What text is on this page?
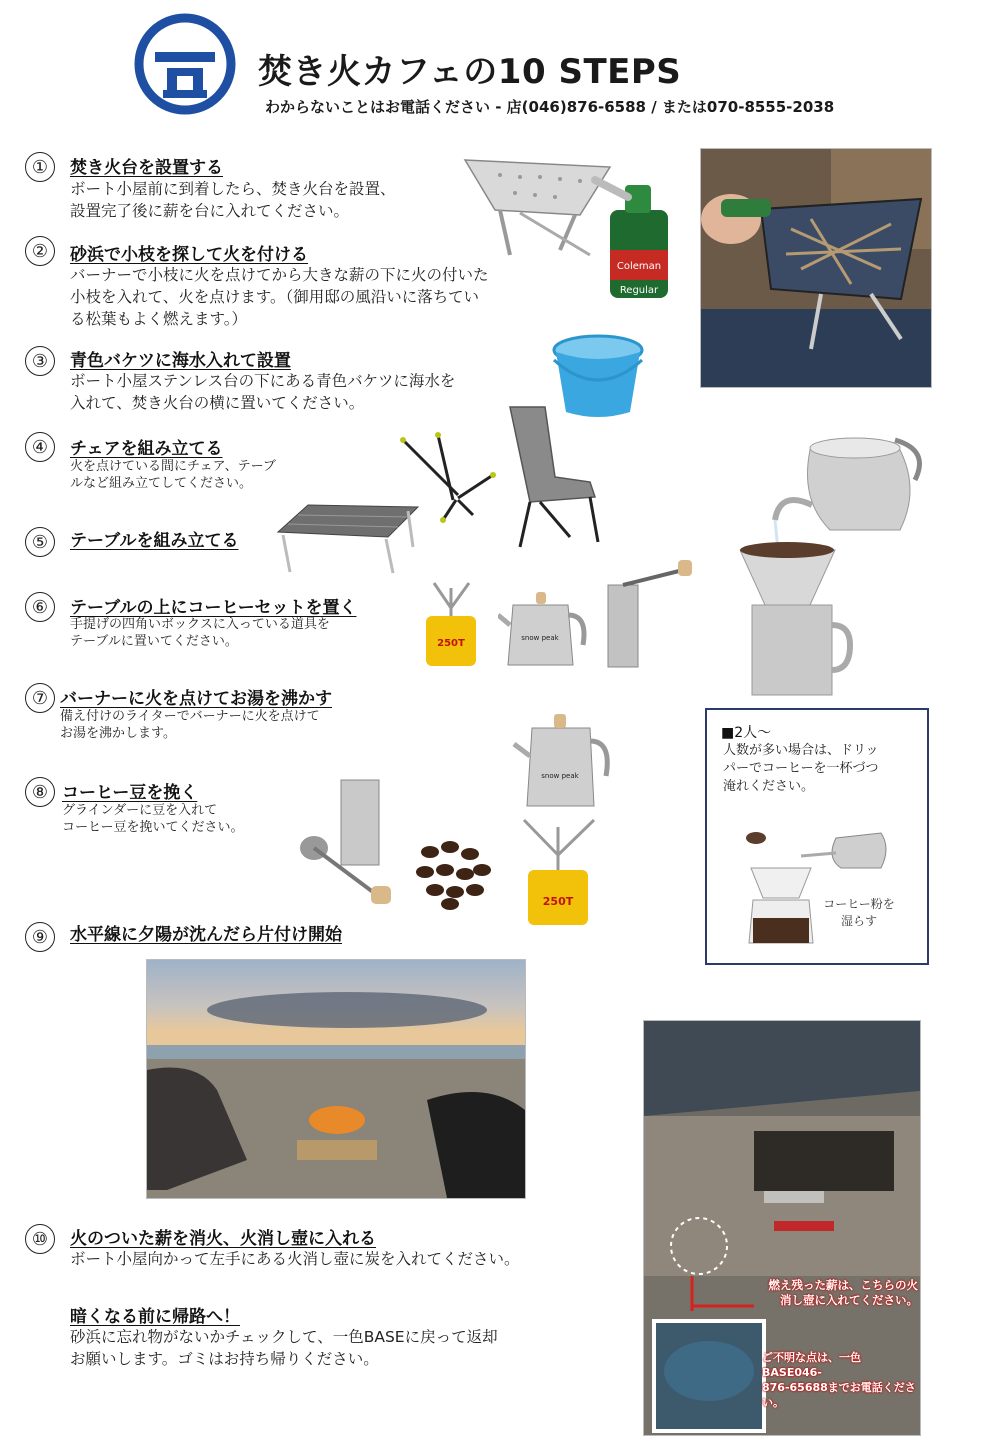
焚き火カフェの10 STEPS
わからないことはお電話ください - 店(046)876-6588 / または070-8555-2038
①	焚き火台を設置する
ボート小屋前に到着したら、焚き火台を設置、
設置完了後に薪を台に入れてください。
Coleman
Regular
②	砂浜で小枝を探して火を付ける
バーナーで小枝に火を点けてから大きな薪の下に火の付いた
小枝を入れて、火を点けます。（御用邸の風沿いに落ちてい
る松葉もよく燃えます。）
③	青色バケツに海水入れて設置
ボート小屋ステンレス台の下にある青色バケツに海水を
入れて、焚き火台の横に置いてください。
④	チェアを組み立てる
火を点けている間にチェア、テーブ
ルなど組み立てしてください。
⑤	テーブルを組み立てる
⑥	テーブルの上にコーヒーセットを置く
手提げの四角いボックスに入っている道具を
テーブルに置いてください。	250T	snow peak
⑦ バーナーに火を点けてお湯を沸かす
備え付けのライターでバーナーに火を点けて
お湯を沸かします。
snow peak
250T
⑧ コーヒー豆を挽く
グラインダーに豆を入れて
コーヒー豆を挽いてください。
■2人〜
人数が多い場合は、ドリッ
パーでコーヒーを一杯づつ
淹れください。
コーヒー粉を
湿らす
⑨	水平線に夕陽が沈んだら片付け開始
⑩	火のついた薪を消火、火消し壺に入れる
ボート小屋向かって左手にある火消し壺に炭を入れてください。
暗くなる前に帰路へ！
砂浜に忘れ物がないかチェックして、一色BASEに戻って返却
お願いします。ゴミはお持ち帰りください。
燃え残った薪は、こちらの火
消し壺に入れてください。
ご不明な点は、一色BASE046-
876-65688までお電話ください。
